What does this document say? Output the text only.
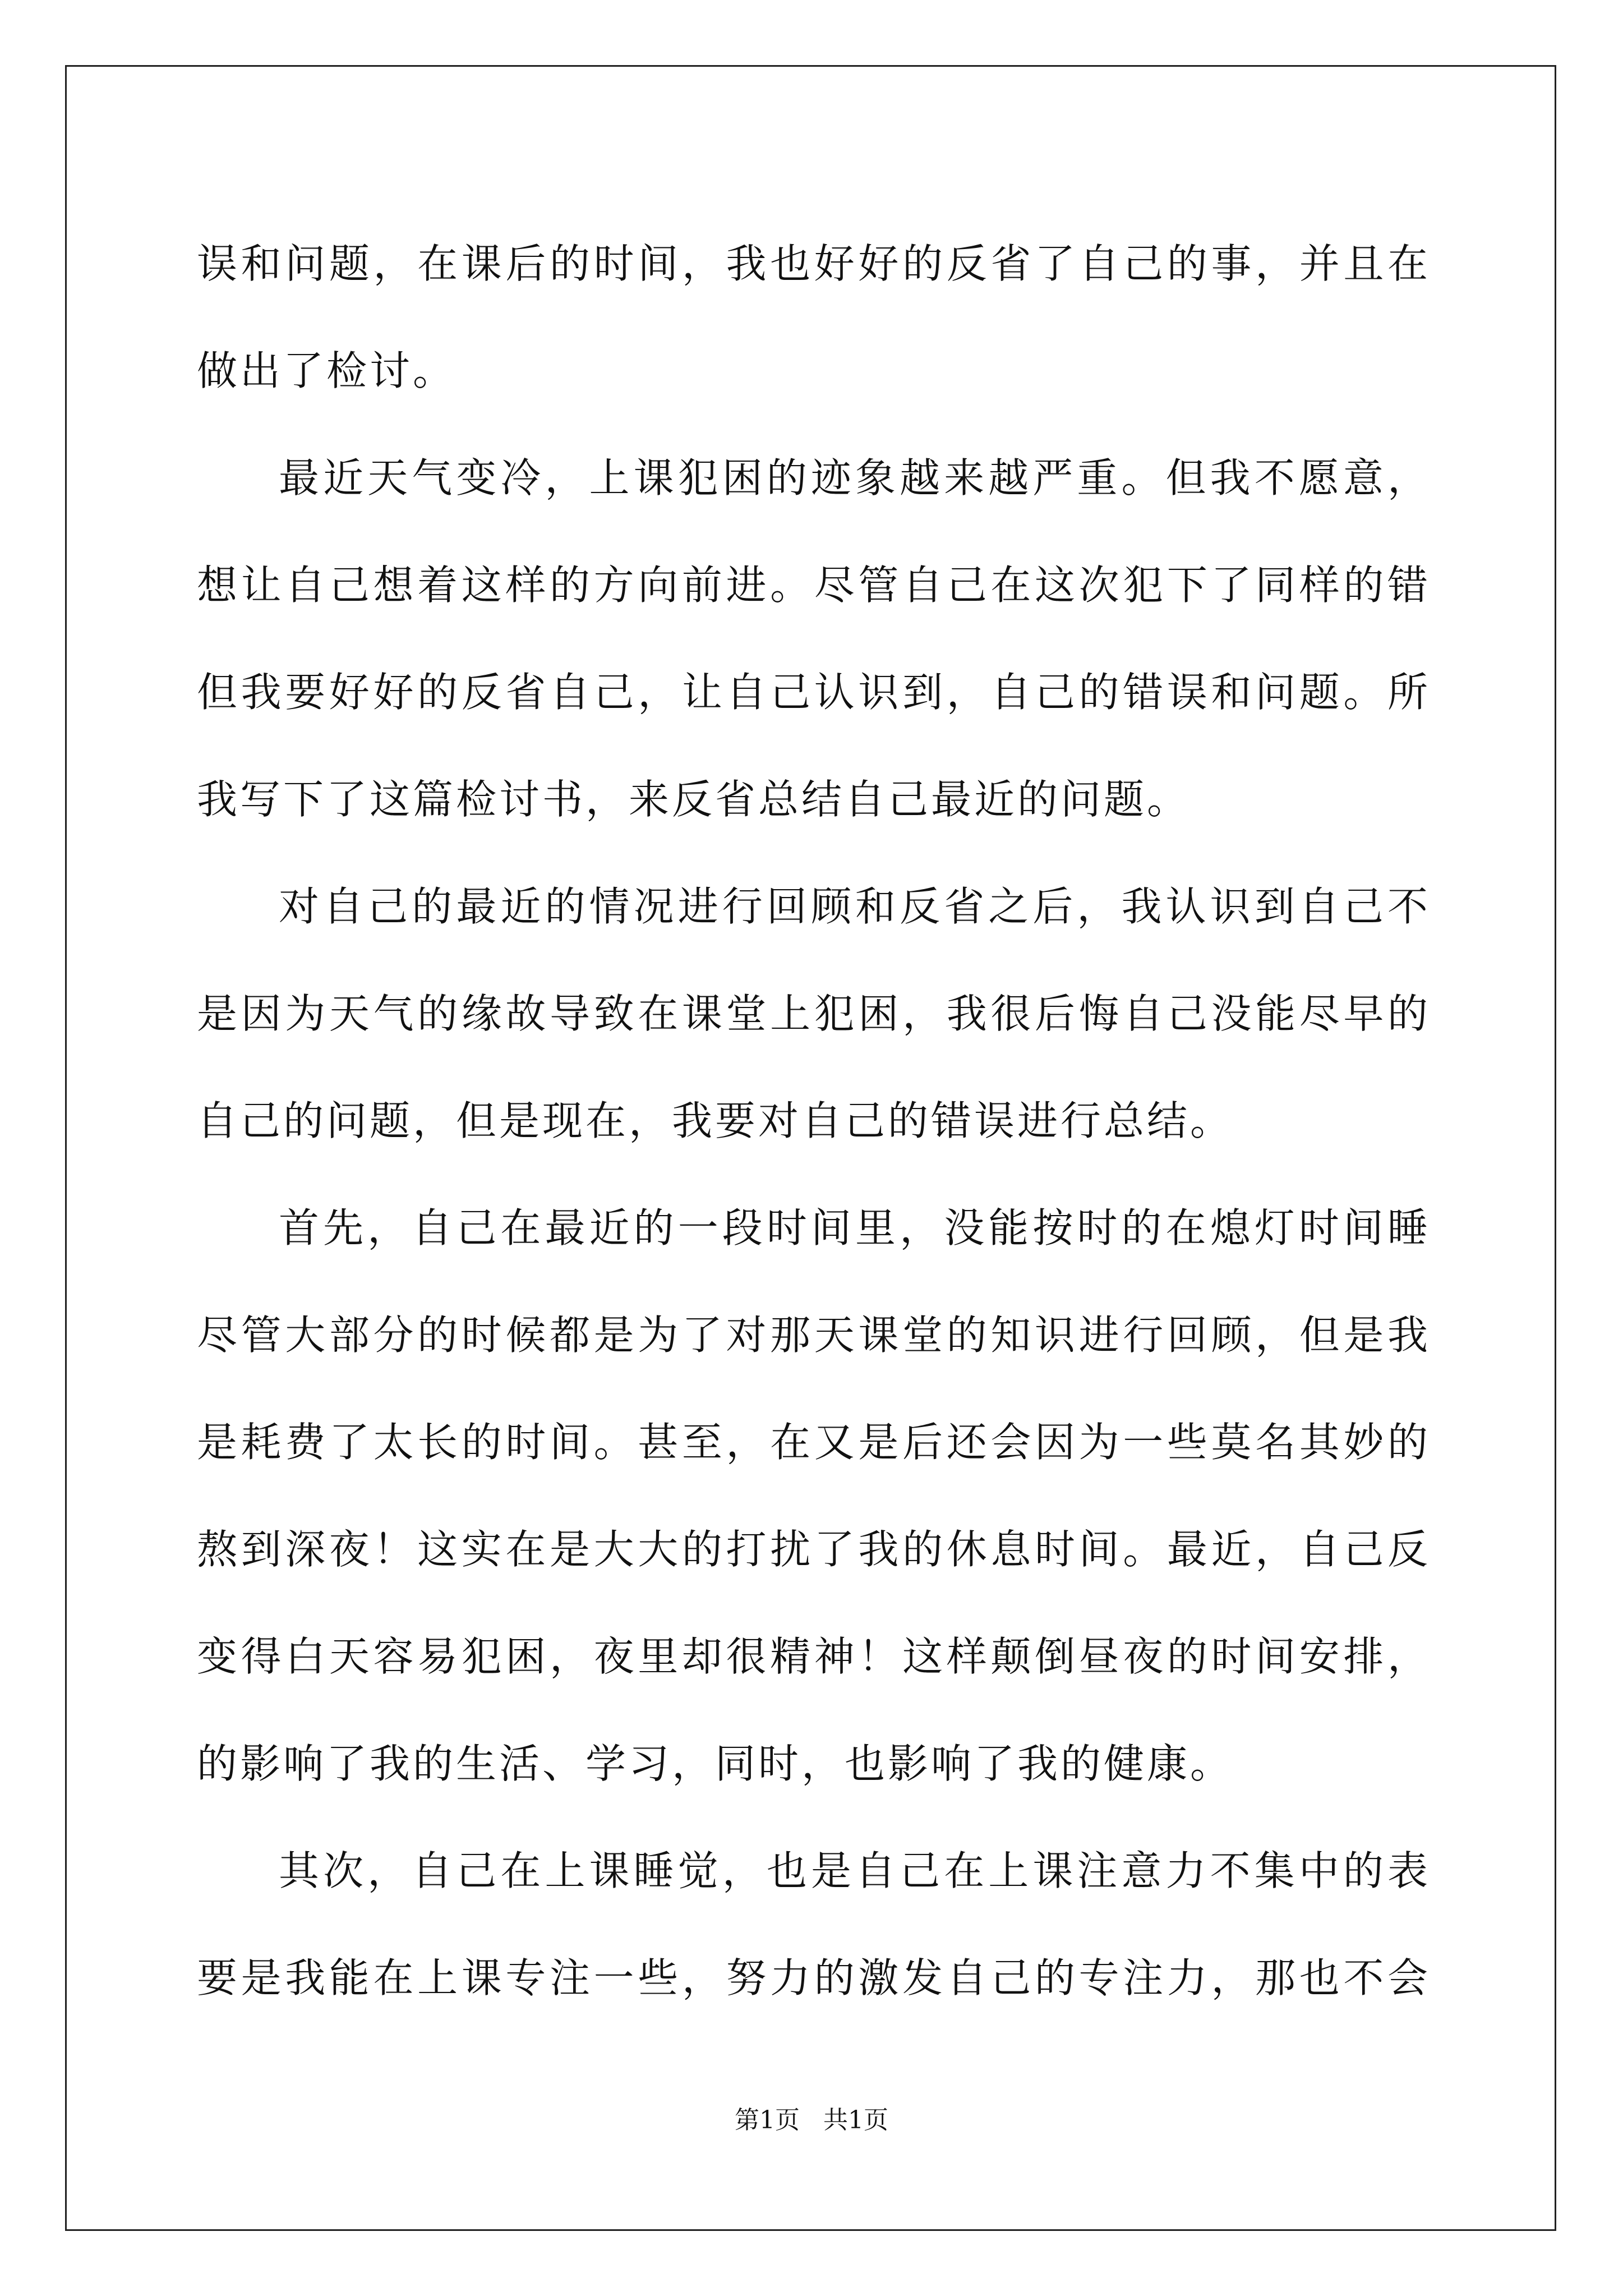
误和问题，在课后的时间，我也好好的反省了自己的事，并且在
做出了检讨。
最近天气变冷，上课犯困的迹象越来越严重。但我不愿意，
想让自己想着这样的方向前进。尽管自己在这次犯下了同样的错
但我要好好的反省自己，让自己认识到，自己的错误和问题。所
我写下了这篇检讨书，来反省总结自己最近的问题。
对自己的最近的情况进行回顾和反省之后，我认识到自己不
是因为天气的缘故导致在课堂上犯困，我很后悔自己没能尽早的
自己的问题，但是现在，我要对自己的错误进行总结。
首先，自己在最近的一段时间里，没能按时的在熄灯时间睡
尽管大部分的时候都是为了对那天课堂的知识进行回顾，但是我
是耗费了太长的时间。甚至，在又是后还会因为一些莫名其妙的
熬到深夜！这实在是大大的打扰了我的休息时间。最近，自己反
变得白天容易犯困，夜里却很精神！这样颠倒昼夜的时间安排，
的影响了我的生活、学习，同时，也影响了我的健康。
其次，自己在上课睡觉，也是自己在上课注意力不集中的表
要是我能在上课专注一些，努力的激发自己的专注力，那也不会
第1页   共1页
